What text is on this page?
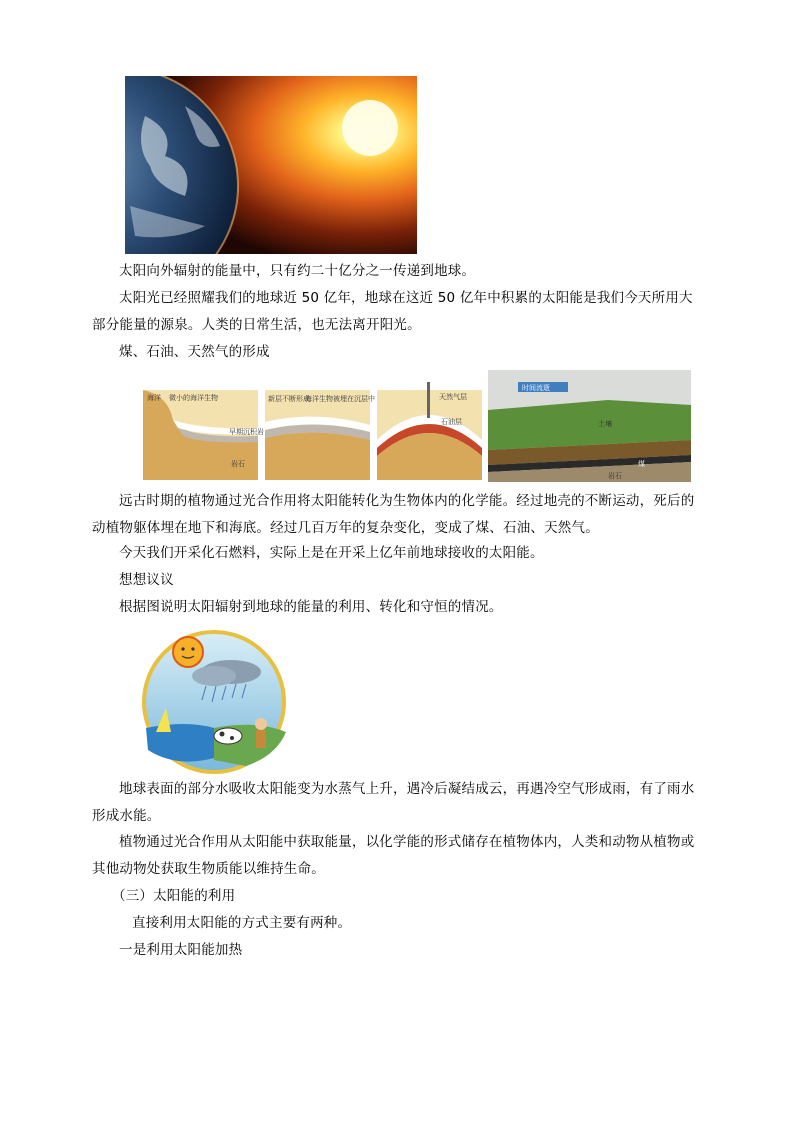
太阳向外辐射的能量中，只有约二十亿分之一传递到地球。

太阳光已经照耀我们的地球近 50 亿年，地球在这近 50 亿年中积累的太阳能是我们今天所用大部分能量的源泉。人类的日常生活，也无法离开阳光。

煤、石油、天然气的形成

海洋 微小的海洋生物
早期沉积岩
岩石
新层不断形成
海洋生物被埋在沉层中	天然气层
石油层
时间流逝
土壤
煤
岩石

远古时期的植物通过光合作用将太阳能转化为生物体内的化学能。经过地壳的不断运动，死后的动植物躯体埋在地下和海底。经过几百万年的复杂变化，变成了煤、石油、天然气。

今天我们开采化石燃料，实际上是在开采上亿年前地球接收的太阳能。

想想议议

根据图说明太阳辐射到地球的能量的利用、转化和守恒的情况。

地球表面的部分水吸收太阳能变为水蒸气上升，遇冷后凝结成云，再遇冷空气形成雨，有了雨水形成水能。

植物通过光合作用从太阳能中获取能量，以化学能的形式储存在植物体内，人类和动物从植物或其他动物处获取生物质能以维持生命。

（三）太阳能的利用

直接利用太阳能的方式主要有两种。

一是利用太阳能加热
